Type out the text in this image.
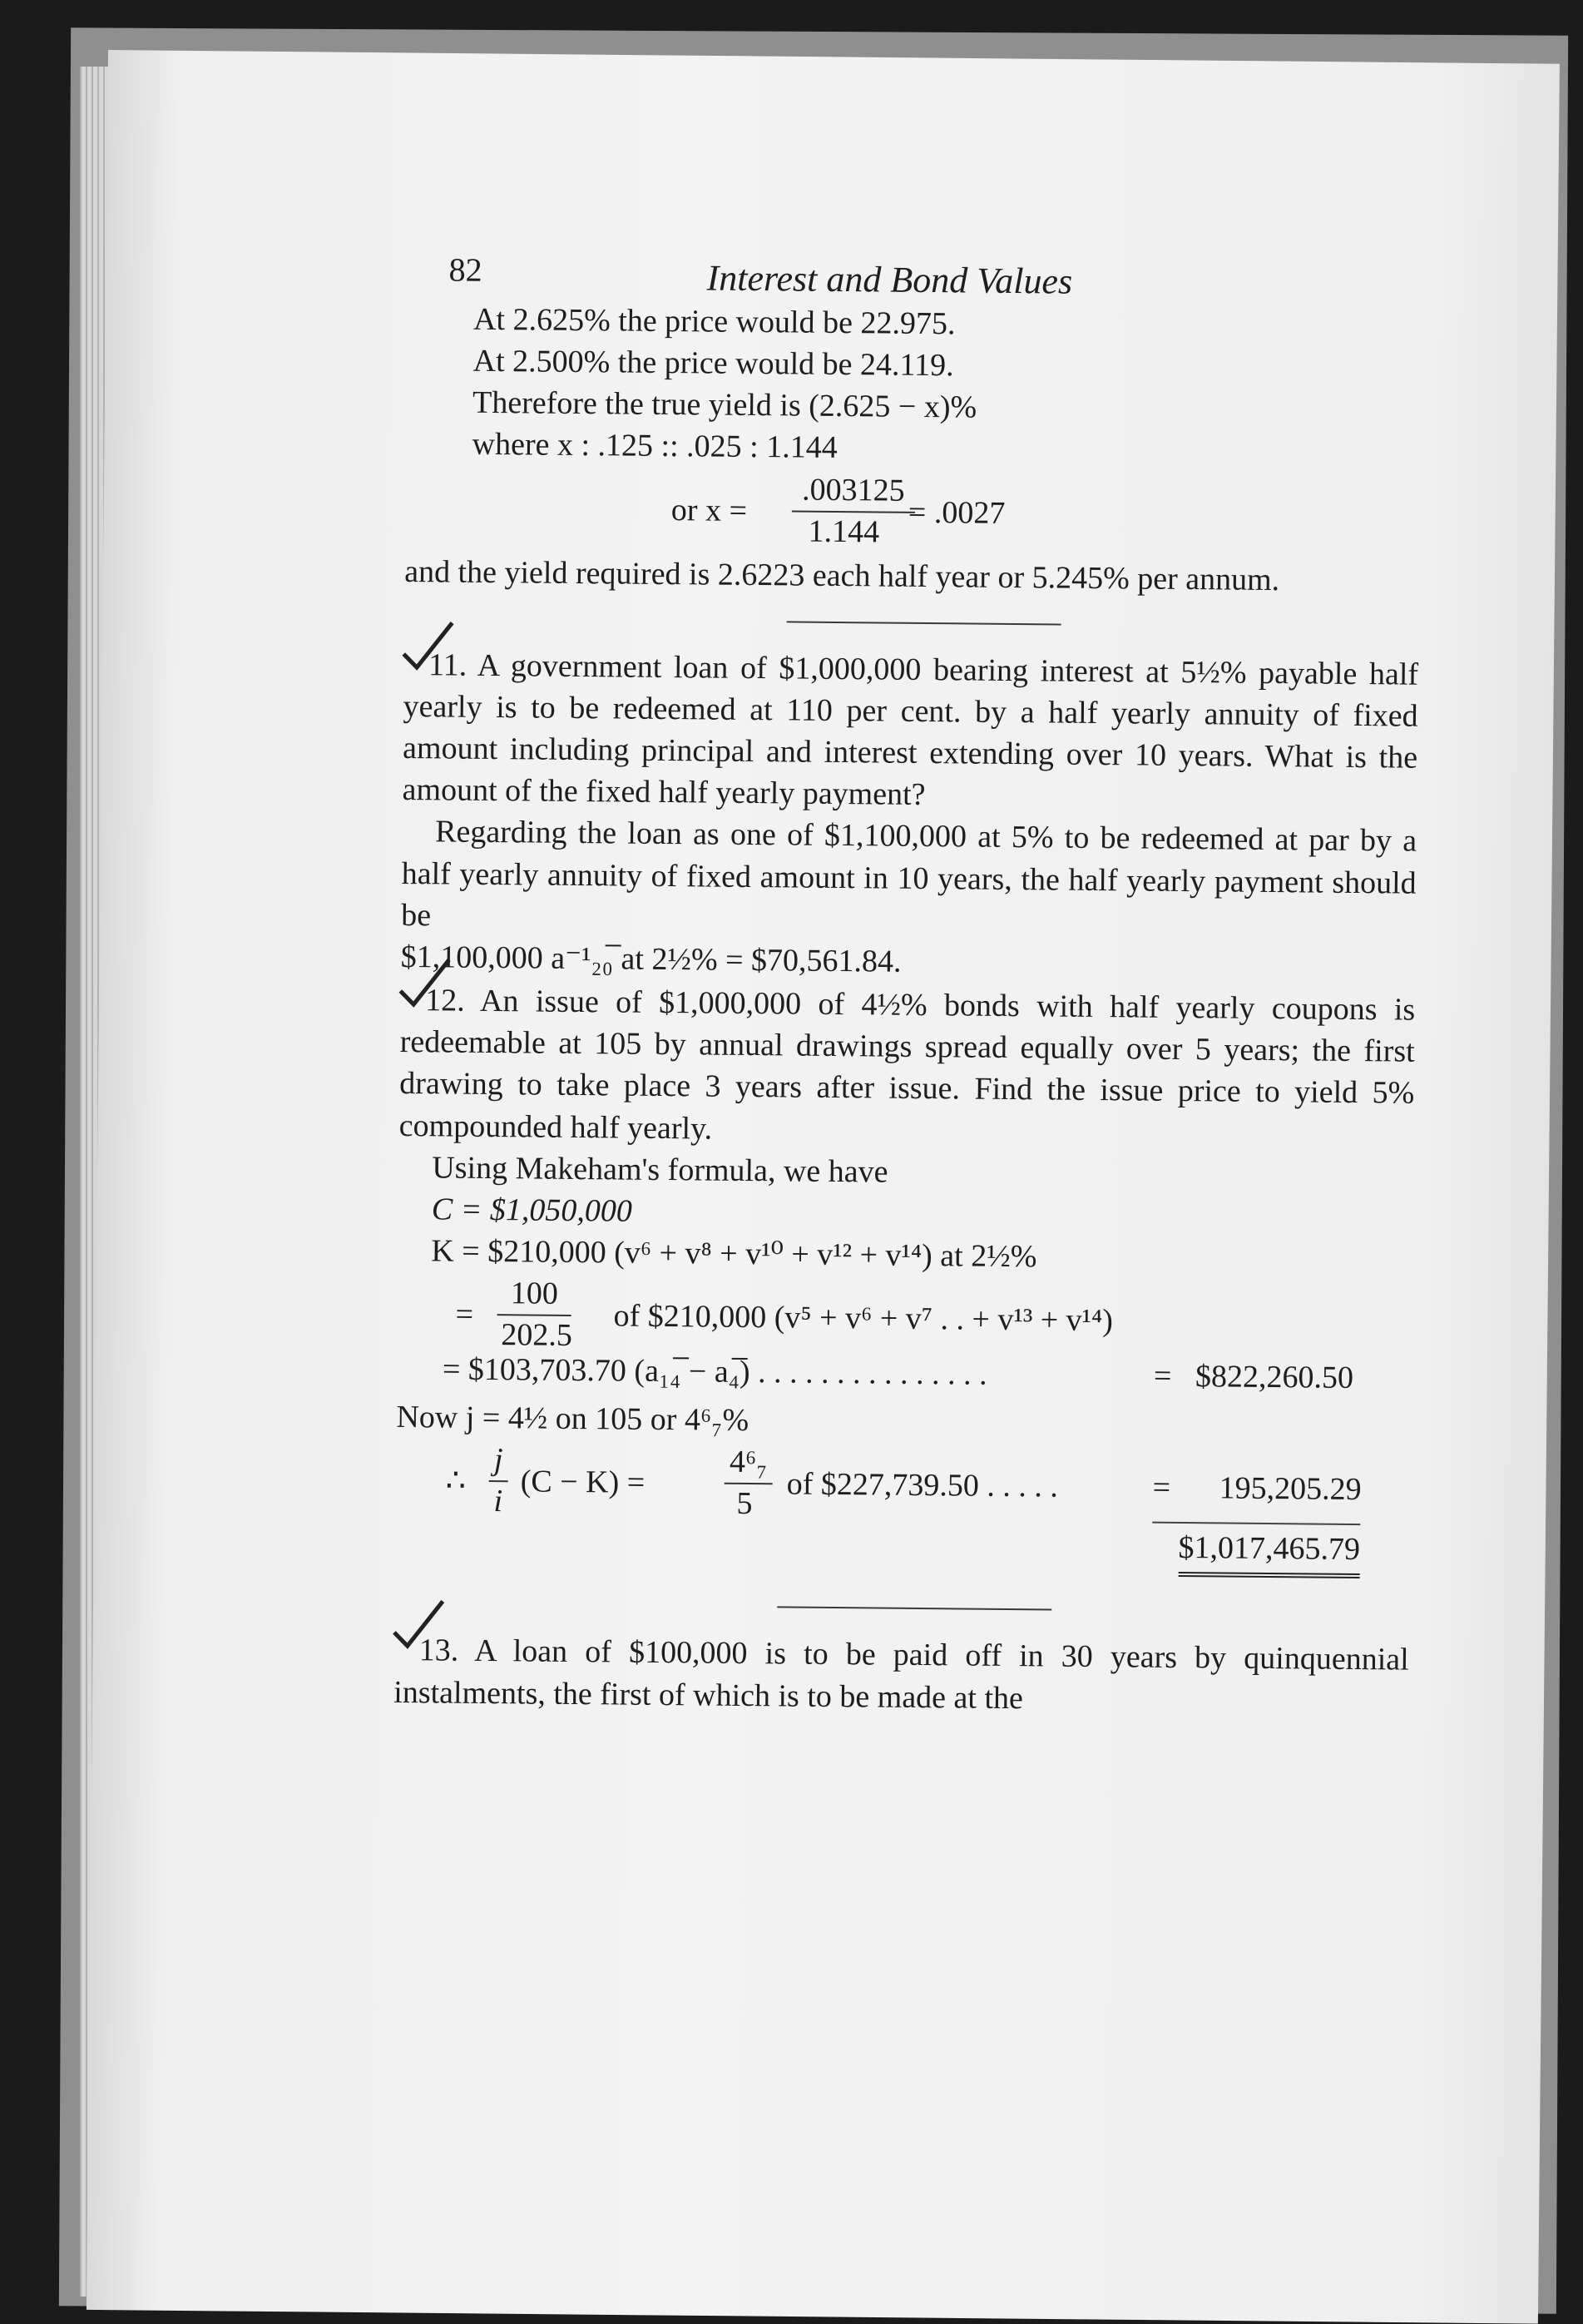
82	Interest and Bond Values

At 2.625% the price would be 22.975.

At 2.500% the price would be 24.119.

Therefore the true yield is (2.625 − x)%

where x : .125 :: .025 : 1.144

or x =
.003125
1.144
= .0027

and the yield required is 2.6223 each half year or 5.245% per annum.

11. A government loan of $1,000,000 bearing interest at 5½% payable half yearly is to be redeemed at 110 per cent. by a half yearly annuity of fixed amount including principal and interest extending over 10 years. What is the amount of the fixed half yearly payment?

Regarding the loan as one of $1,100,000 at 5% to be redeemed at par by a half yearly annuity of fixed amount in 10 years, the half yearly payment should be

$1,100,000 a⁻¹₂₀̅ at 2½% = $70,561.84.

12. An issue of $1,000,000 of 4½% bonds with half yearly coupons is redeemable at 105 by annual drawings spread equally over 5 years; the first drawing to take place 3 years after issue. Find the issue price to yield 5% compounded half yearly.

Using Makeham's formula, we have

C = $1,050,000

K = $210,000 (v⁶ + v⁸ + v¹⁰ + v¹² + v¹⁴) at 2½%

=
100
202.5 of $210,000 (v⁵ + v⁶ + v⁷ . . + v¹³ + v¹⁴)
= $103,703.70 (a₁₄̅ − a₄̅) . . . . . . . . . . . . . . .	= $822,260.50

Now j = 4½ on 105 or 4⁶₇%

∴
j
i
(C − K) =
4⁶₇
5 of $227,739.50 . . . . .	= 195,205.29
$1,017,465.79

13. A loan of $100,000 is to be paid off in 30 years by quinquennial instalments, the first of which is to be made at the
